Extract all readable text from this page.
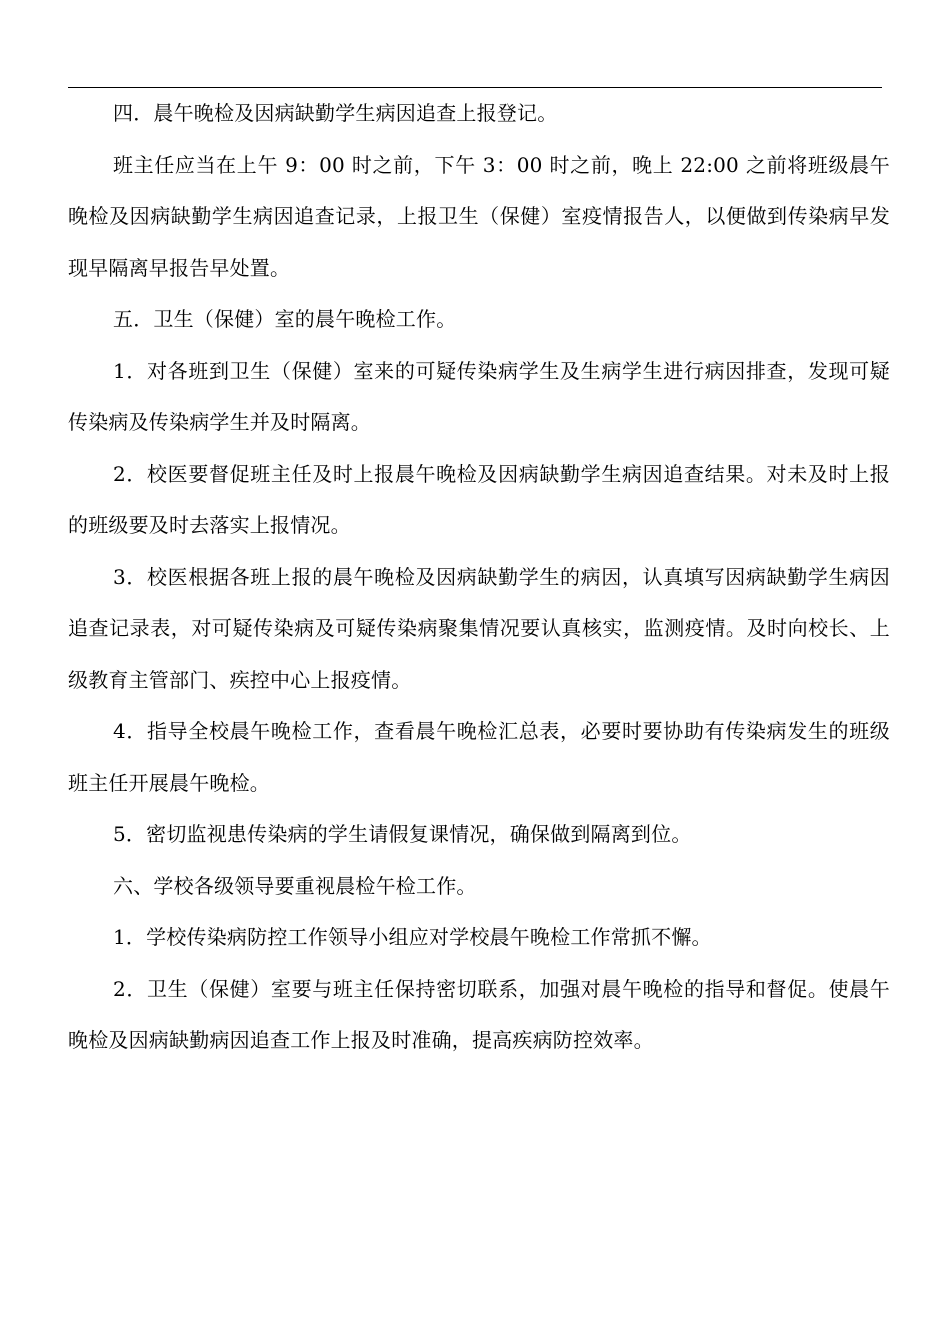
四．晨午晚检及因病缺勤学生病因追查上报登记。

班主任应当在上午 9：00 时之前，下午 3：00 时之前，晚上 22:00 之前将班级晨午晚检及因病缺勤学生病因追查记录，上报卫生（保健）室疫情报告人，以便做到传染病早发现早隔离早报告早处置。

五．卫生（保健）室的晨午晚检工作。

1．对各班到卫生（保健）室来的可疑传染病学生及生病学生进行病因排查，发现可疑传染病及传染病学生并及时隔离。

2．校医要督促班主任及时上报晨午晚检及因病缺勤学生病因追查结果。对未及时上报的班级要及时去落实上报情况。

3．校医根据各班上报的晨午晚检及因病缺勤学生的病因，认真填写因病缺勤学生病因追查记录表，对可疑传染病及可疑传染病聚集情况要认真核实，监测疫情。及时向校长、上级教育主管部门、疾控中心上报疫情。

4．指导全校晨午晚检工作，查看晨午晚检汇总表，必要时要协助有传染病发生的班级班主任开展晨午晚检。

5．密切监视患传染病的学生请假复课情况，确保做到隔离到位。

六、学校各级领导要重视晨检午检工作。

1．学校传染病防控工作领导小组应对学校晨午晚检工作常抓不懈。

2．卫生（保健）室要与班主任保持密切联系，加强对晨午晚检的指导和督促。使晨午晚检及因病缺勤病因追查工作上报及时准确，提高疾病防控效率。
